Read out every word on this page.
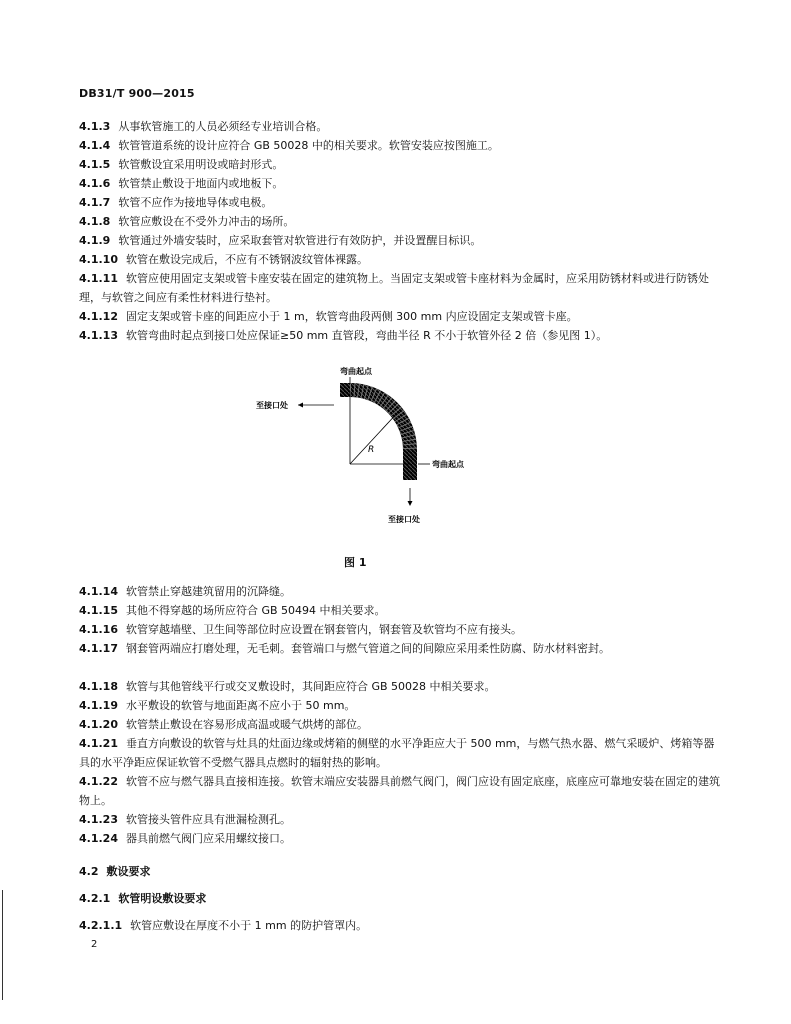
DB31/T 900—2015
4.1.3 从事软管施工的人员必须经专业培训合格。
4.1.4 软管管道系统的设计应符合 GB 50028 中的相关要求。软管安装应按图施工。
4.1.5 软管敷设宜采用明设或暗封形式。
4.1.6 软管禁止敷设于地面内或地板下。
4.1.7 软管不应作为接地导体或电极。
4.1.8 软管应敷设在不受外力冲击的场所。
4.1.9 软管通过外墙安装时，应采取套管对软管进行有效防护，并设置醒目标识。
4.1.10 软管在敷设完成后，不应有不锈钢波纹管体裸露。
4.1.11 软管应使用固定支架或管卡座安装在固定的建筑物上。当固定支架或管卡座材料为金属时，应采用防锈材料或进行防锈处理，与软管之间应有柔性材料进行垫衬。
4.1.12 固定支架或管卡座的间距应小于 1 m，软管弯曲段两侧 300 mm 内应设固定支架或管卡座。
4.1.13 软管弯曲时起点到接口处应保证≥50 mm 直管段，弯曲半径 R 不小于软管外径 2 倍（参见图 1）。
R
弯曲起点
至接口处
弯曲起点
至接口处
图 1
4.1.14 软管禁止穿越建筑留用的沉降缝。
4.1.15 其他不得穿越的场所应符合 GB 50494 中相关要求。
4.1.16 软管穿越墙壁、卫生间等部位时应设置在钢套管内，钢套管及软管均不应有接头。
4.1.17 钢套管两端应打磨处理，无毛刺。套管端口与燃气管道之间的间隙应采用柔性防腐、防水材料密封。
4.1.18 软管与其他管线平行或交叉敷设时，其间距应符合 GB 50028 中相关要求。
4.1.19 水平敷设的软管与地面距离不应小于 50 mm。
4.1.20 软管禁止敷设在容易形成高温或暖气烘烤的部位。
4.1.21 垂直方向敷设的软管与灶具的灶面边缘或烤箱的侧壁的水平净距应大于 500 mm，与燃气热水器、燃气采暖炉、烤箱等器具的水平净距应保证软管不受燃气器具点燃时的辐射热的影响。
4.1.22 软管不应与燃气器具直接相连接。软管末端应安装器具前燃气阀门，阀门应设有固定底座，底座应可靠地安装在固定的建筑物上。
4.1.23 软管接头管件应具有泄漏检测孔。
4.1.24 器具前燃气阀门应采用螺纹接口。
4.2 敷设要求
4.2.1 软管明设敷设要求
4.2.1.1 软管应敷设在厚度不小于 1 mm 的防护管罩内。
2
